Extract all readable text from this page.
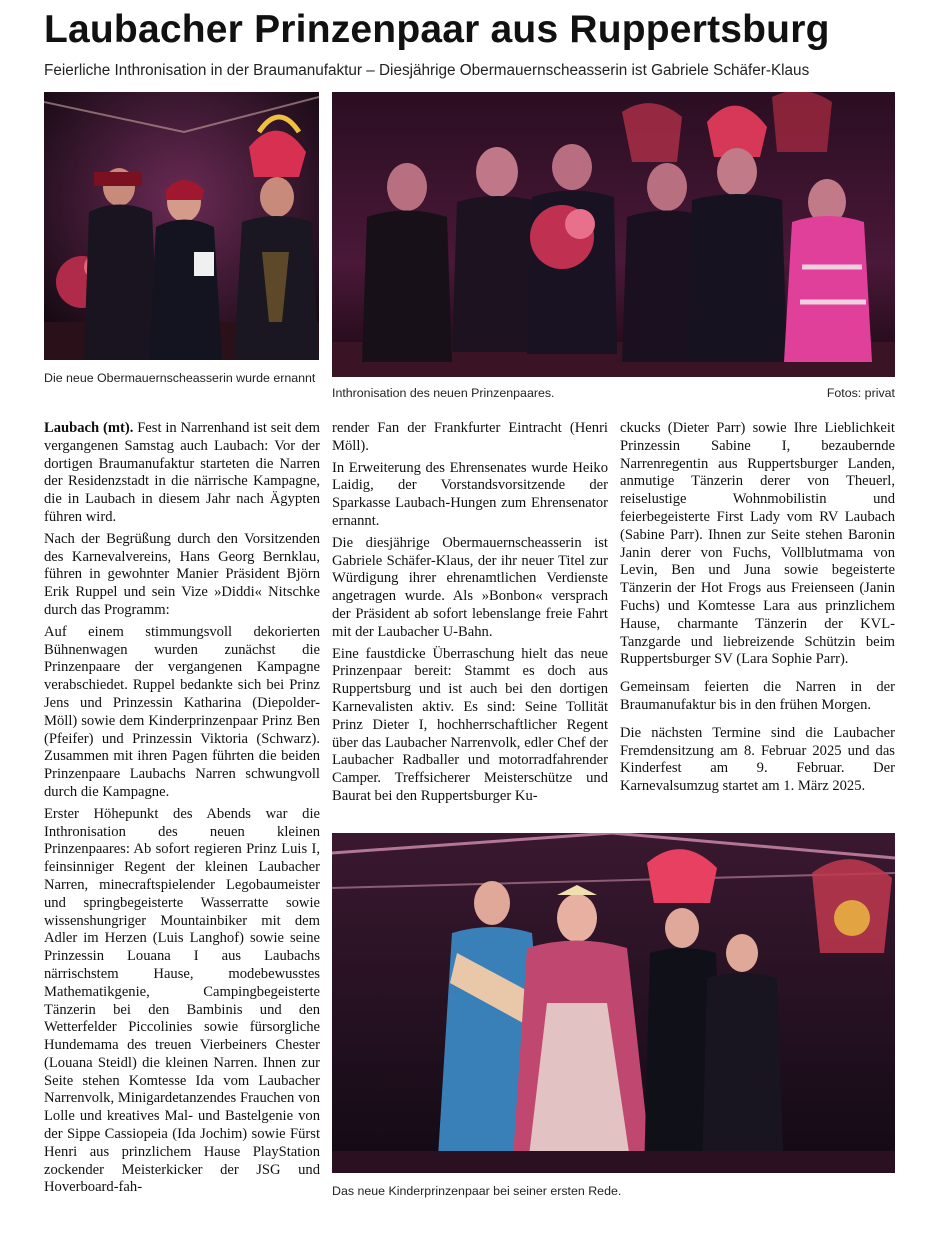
Laubacher Prinzenpaar aus Ruppertsburg
Feierliche Inthronisation in der Braumanufaktur – Diesjährige Obermauernscheasserin ist Gabriele Schäfer-Klaus
Die neue Obermauernscheasserin wurde ernannt
Inthronisation des neuen Prinzenpaares.	Fotos: privat

Laubach (mt). Fest in Narrenhand ist seit dem vergangenen Samstag auch Laubach: Vor der dortigen Braumanufaktur starteten die Narren der Residenzstadt in die närrische Kampagne, die in Laubach in diesem Jahr nach Ägypten führen wird.

Nach der Begrüßung durch den Vorsitzenden des Karnevalvereins, Hans Georg Bernklau, führen in gewohnter Manier Präsident Björn Erik Ruppel und sein Vize »Diddi« Nitschke durch das Programm:

Auf einem stimmungsvoll dekorierten Bühnenwagen wurden zunächst die Prinzenpaare der vergangenen Kampagne verabschiedet. Ruppel bedankte sich bei Prinz Jens und Prinzessin Katharina (Diepolder-Möll) sowie dem Kinderprinzenpaar Prinz Ben (Pfeifer) und Prinzessin Viktoria (Schwarz). Zusammen mit ihren Pagen führten die beiden Prinzenpaare Laubachs Narren schwungvoll durch die Kampagne.

Erster Höhepunkt des Abends war die Inthronisation des neuen kleinen Prinzenpaares: Ab sofort regieren Prinz Luis I, feinsinniger Regent der kleinen Laubacher Narren, minecraftspielender Legobaumeister und springbegeisterte Wasserratte sowie wissenshungriger Mountainbiker mit dem Adler im Herzen (Luis Langhof) sowie seine Prinzessin Louana I aus Laubachs närrischstem Hause, modebewusstes Mathematikgenie, Campingbegeisterte Tänzerin bei den Bambinis und den Wetterfelder Piccolinies sowie fürsorgliche Hundemama des treuen Vierbeiners Chester (Louana Steidl) die kleinen Narren. Ihnen zur Seite stehen Komtesse Ida vom Laubacher Narrenvolk, Minigardetanzendes Frauchen von Lolle und kreatives Mal- und Bastelgenie von der Sippe Cassiopeia (Ida Jochim) sowie Fürst Henri aus prinzlichem Hause PlayStation zockender Meisterkicker der JSG und Hoverboard-fah-

render Fan der Frankfurter Eintracht (Henri Möll).

In Erweiterung des Ehrensenates wurde Heiko Laidig, der Vorstandsvorsitzende der Sparkasse Laubach-Hungen zum Ehrensenator ernannt.

Die diesjährige Obermauernscheasserin ist Gabriele Schäfer-Klaus, der ihr neuer Titel zur Würdigung ihrer ehrenamtlichen Verdienste angetragen wurde. Als »Bonbon« versprach der Präsident ab sofort lebenslange freie Fahrt mit der Laubacher U-Bahn.

Eine faustdicke Überraschung hielt das neue Prinzenpaar bereit: Stammt es doch aus Ruppertsburg und ist auch bei den dortigen Karnevalisten aktiv. Es sind: Seine Tollität Prinz Dieter I, hochherrschaftlicher Regent über das Laubacher Narrenvolk, edler Chef der Laubacher Radballer und motorradfahrender Camper. Treffsicherer Meisterschütze und Baurat bei den Ruppertsburger Ku-

ckucks (Dieter Parr) sowie Ihre Lieblichkeit Prinzessin Sabine I, bezaubernde Narrenregentin aus Ruppertsburger Landen, anmutige Tänzerin derer von Theuerl, reiselustige Wohnmobilistin und feierbegeisterte First Lady vom RV Laubach (Sabine Parr). Ihnen zur Seite stehen Baronin Janin derer von Fuchs, Vollblutmama von Levin, Ben und Juna sowie begeisterte Tänzerin der Hot Frogs aus Freienseen (Janin Fuchs) und Komtesse Lara aus prinzlichem Hause, charmante Tänzerin der KVL-Tanzgarde und liebreizende Schützin beim Ruppertsburger SV (Lara Sophie Parr).

Gemeinsam feierten die Narren in der Braumanufaktur bis in den frühen Morgen.

Die nächsten Termine sind die Laubacher Fremdensitzung am 8. Februar 2025 und das Kinderfest am 9. Februar. Der Karnevalsumzug startet am 1. März 2025.

Das neue Kinderprinzenpaar bei seiner ersten Rede.
